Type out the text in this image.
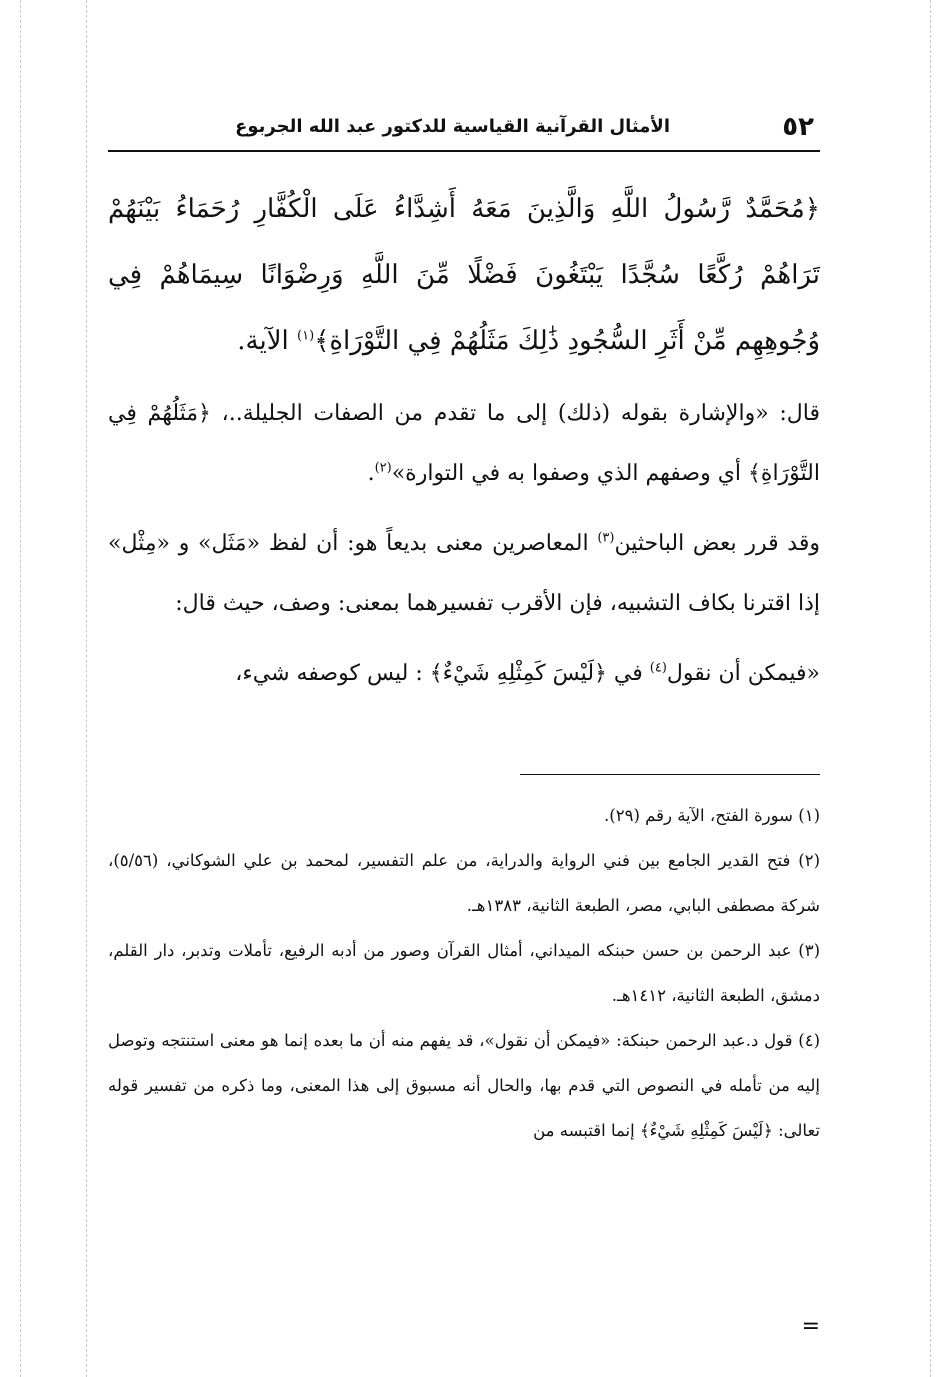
٥٢
الأمثال القرآنية القياسية للدكتور عبد الله الجربوع

﴿مُحَمَّدٌ رَّسُولُ اللَّهِ وَالَّذِينَ مَعَهُ أَشِدَّاءُ عَلَى الْكُفَّارِ رُحَمَاءُ بَيْنَهُمْ تَرَاهُمْ رُكَّعًا سُجَّدًا يَبْتَغُونَ فَضْلًا مِّنَ اللَّهِ وَرِضْوَانًا سِيمَاهُمْ فِي وُجُوهِهِم مِّنْ أَثَرِ السُّجُودِ ذَٰلِكَ مَثَلُهُمْ فِي التَّوْرَاةِ﴾$^{(١)}$ الآية.

قال: «والإشارة بقوله (ذلك) إلى ما تقدم من الصفات الجليلة..، ﴿مَثَلُهُمْ فِي التَّوْرَاةِ﴾ أي وصفهم الذي وصفوا به في التوارة»$^{(٢)}$.

وقد قرر بعض الباحثين$^{(٣)}$ المعاصرين معنى بديعاً هو: أن لفظ «مَثَل» و «مِثْل» إذا اقترنا بكاف التشبيه، فإن الأقرب تفسيرهما بمعنى: وصف، حيث قال:

«فيمكن أن نقول$^{(٤)}$ في ﴿لَيْسَ كَمِثْلِهِ شَيْءٌ﴾ : ليس كوصفه شيء،

(١) سورة الفتح، الآية رقم (٢٩).

(٢) فتح القدير الجامع بين فني الرواية والدراية، من علم التفسير، لمحمد بن علي الشوكاني، (٥/٥٦)، شركة مصطفى البابي، مصر، الطبعة الثانية، ١٣٨٣هـ.

(٣) عبد الرحمن بن حسن حبنكه الميداني، أمثال القرآن وصور من أدبه الرفيع، تأملات وتدبر، دار القلم، دمشق، الطبعة الثانية، ١٤١٢هـ.

(٤) قول د.عبد الرحمن حبنكة: «فيمكن أن نقول»، قد يفهم منه أن ما بعده إنما هو معنى استنتجه وتوصل إليه من تأمله في النصوص التي قدم بها، والحال أنه مسبوق إلى هذا المعنى، وما ذكره من تفسير قوله تعالى: ﴿لَيْسَ كَمِثْلِهِ شَيْءٌ﴾ إنما اقتبسه من

=
